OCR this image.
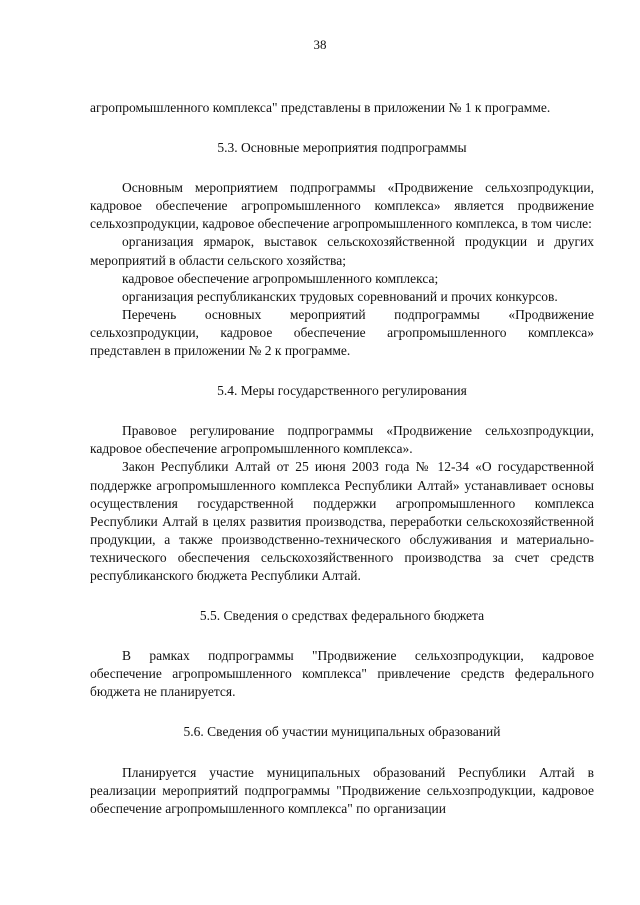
38

агропромышленного комплекса" представлены в приложении № 1 к программе.

5.3. Основные мероприятия подпрограммы

Основным мероприятием подпрограммы «Продвижение сельхозпродукции, кадровое обеспечение агропромышленного комплекса» является продвижение сельхозпродукции, кадровое обеспечение агропромышленного комплекса, в том числе:

организация ярмарок, выставок сельскохозяйственной продукции и других мероприятий в области сельского хозяйства;

кадровое обеспечение агропромышленного комплекса;

организация республиканских трудовых соревнований и прочих конкурсов.

Перечень основных мероприятий подпрограммы «Продвижение сельхозпродукции, кадровое обеспечение агропромышленного комплекса» представлен в приложении № 2 к программе.

5.4. Меры государственного регулирования

Правовое регулирование подпрограммы «Продвижение сельхозпродукции, кадровое обеспечение агропромышленного комплекса».

Закон Республики Алтай от 25 июня 2003 года № 12-34 «О государственной поддержке агропромышленного комплекса Республики Алтай» устанавливает основы осуществления государственной поддержки агропромышленного комплекса Республики Алтай в целях развития производства, переработки сельскохозяйственной продукции, а также производственно-технического обслуживания и материально-технического обеспечения сельскохозяйственного производства за счет средств республиканского бюджета Республики Алтай.

5.5. Сведения о средствах федерального бюджета

В рамках подпрограммы "Продвижение сельхозпродукции, кадровое обеспечение агропромышленного комплекса" привлечение средств федерального бюджета не планируется.

5.6. Сведения об участии муниципальных образований

Планируется участие муниципальных образований Республики Алтай в реализации мероприятий подпрограммы "Продвижение сельхозпродукции, кадровое обеспечение агропромышленного комплекса" по организации
